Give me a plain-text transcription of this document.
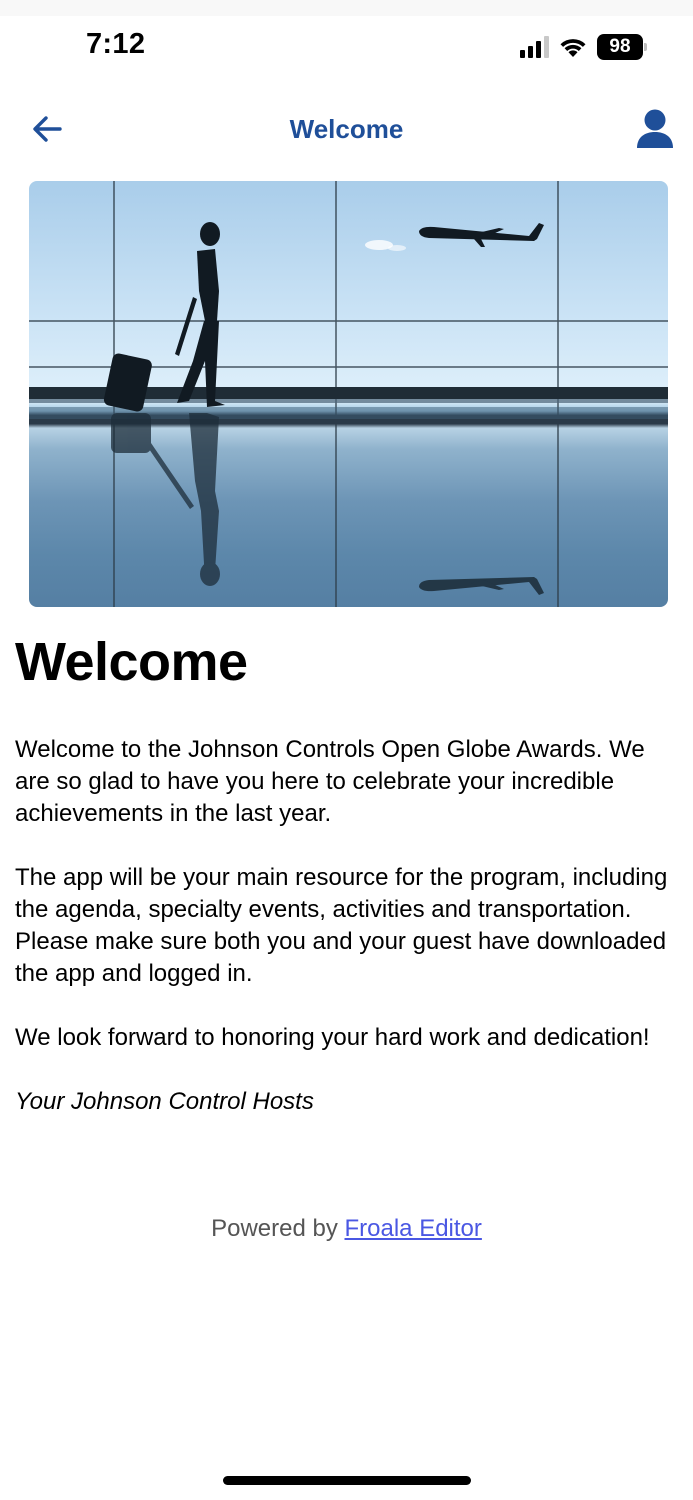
7:12	98
Welcome
Welcome

Welcome to the Johnson Controls Open Globe Awards. We are so glad to have you here to celebrate your incredible achievements in the last year.

The app will be your main resource for the program, including the agenda, specialty events, activities and transportation. Please make sure both you and your guest have downloaded the app and logged in.

We look forward to honoring your hard work and dedication!

Your Johnson Control Hosts

Powered by Froala Editor
